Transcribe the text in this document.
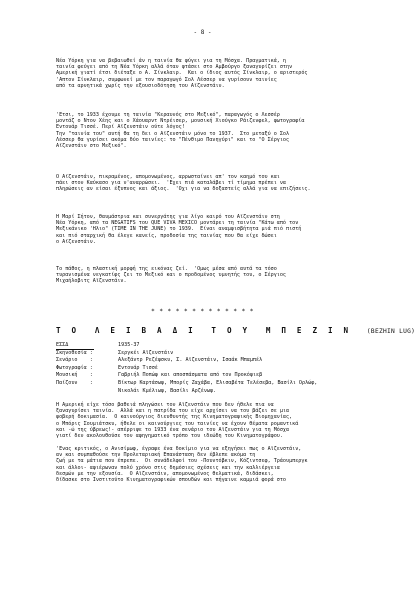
- 8 -

Νέα Υόρκη για να βεβαιωθεί άν η ταινία θα φύγει για τη Μόσχα. Πραγματικά, η
ταινία φεύγει από τη Νέα Υόρκη αλλά όταν φτάσει στο Αμβούργο ξαναγυρίζει στην
Αμερική γιατί έτσι διέταξε ο Α. Σίνκλαιρ.  Και ο ίδιος αυτός Σίνκλαιρ, ο αριστερός
'Απτον Σίνκλαιρ, συμφωνεί με τον παραγωγό Σολ Λέσσερ να γυρίσουν ταινίες
από τα αρνητικά χωρίς την εξουσιοδότηση του Αϊζενστάιν.

'Ετσι, το 1933 έχουμε τη ταινία "Κεραυνός στο Μεξικό", παραγωγός ο Λεσσέρ
μοντάζ ο Ντον Χέης και ο Χάουαρντ Ντρέισερ, μουσική Χιούγκο Ράιζενφελ, φωτογραφία
Εντουάρ Τισσέ. Περί Αϊζενστάιν ούτε λόγος!
Την "ταινία του" αυτή θα τη δει ο Αϊζενστάιν μόνο το 1937.  Στο μεταξύ ο Σολ
Λέσσερ θα γυρίσει ακόμα δύο ταινίες: το "Πένθιμο Πανηγύρι" και το "Ο Σέργιος
Αϊζενστάιν στο Μεξικό".

Ο Αϊζενστάιν, πικραμένος, απομονωμένος, αρρωσταίνει απ' τον καημό του και
πάει στον Καύκασο για ν'αναρρώσει.  'Εχει πιά καταλάβει τί τίμημα πρέπει να
πληρώσεις αν είσαι έξυπνος και άξιος.  'Οχι για να δοξαστείς αλλά για να επιζήσεις.

Η Μαρί Σήτον, θαυμάστρια και συνεργάτης για λίγο καιρό του Αϊζενστάιν στη
Νέα Υόρκη, από τα NEGATIFS του QUE VIVA MEXICO μοντάρει τη ταινία "Κάτω από τον
Μεξικάνικο 'Ηλιο" (TIME IN THE JUNE) το 1939.  Είναι αναμφισβήτητα μιά πιό πιστή
και πιό σταρχική θα έλεγε κανείς, προδοσία της ταινίας που θα είχε δώσει
ο Αϊζενστάιν.

Το πάθος, η πλαστική μορφή της εικόνας ζεί.  'Ομως μέσα από αυτά τα τόσο
τυρανισμένα νεγκατίφς ζει το Μεξικό και ο προδομένος υμνητής του, ο Σέργιος
Μιχαήλοβιτς Αϊζενστάιν.

* * * * * * * * * * * * *
Τ Ο  Λ Ε Ι Β Α Δ Ι  Τ Ο Υ  Μ Π Ε Ζ Ι Ν	(BEZHIN LUG)
ΕΣΣΔ	1935-37
Σκηνοθεσία :	Σεργκέι Αϊζενστάιν
Σενάριο    :	Αλεξάντρ Ρεζέφσκυ, Σ. Αϊζενστάιν, Ισαάκ Μπαμπέλ
Φωτογραφία :	Εντουάρ Τισσέ
Μουσική    :	Γαβριήλ Ποπώφ και αποσπάσματα από τον Προκόφιεβ
Παίζουν    :	Βίκτωρ Καρτάσωφ, Μπορίς Ζαχάβα, Ελισαβέτα Τελέσεβα, Βασίλι Ορλώφ,
Νικολάι Κμέλιωφ, Βασίλι Αρζένωφ.

Η Αμερική είχε τόσο βαθειά πληγώσει τον Αϊζενστάιν που δεν ήθελε πια να
ξαναγυρίσει ταινία.  Αλλά και η πατρίδα του είχε αρχίσει να του βάζει σε μια
φοβερή δοκιμασία.  Ο καινούργιος διευθυντής της Κινηματογραφικής Βιομηχανίας,
ο Μπόρις Σουμιάτσκυ, ήθελε οι καινούργιες του ταινίες να έχουν θέματα ρομαντικά
και -ώ της ύβρεως!- απέρριψε το 1933 ένα σενάριο του Αϊζενστάιν για τη Μόσχα
γιατί δεν ακολουθούσε τον αφηγηματικό τρόπο του ιδεώδη του Κινηματογράφου.

'Ενας κριτικός, ο Ανισίμωφ, έγραφε ένα δοκίμιο για να εξηγήσει πως ο Αϊζενστάιν,
αν και συμπαθούσε την Προλεταριακή Επανάσταση δεν έβλεπε ακόμα τη
ζωή με τα μάτια που έπρεπε.  Οι συνάδελφοί του -Πουντόβκιν, Κόζιντσεφ, Τράουμπεργκ
και άλλοι- αφιέρωναν πολύ χρόνο στις δημόσιες σχέσεις και την καλλιέργεια
δεσμών με την εξουσία.  Ο Αϊζενστάιν, απομονωμένος θελματικά, διδάσκει,
δίδασκε στο Ινστιτούτο Κινηματογραφικών σπουδών και πήγαινε καμμιά φορά στο
